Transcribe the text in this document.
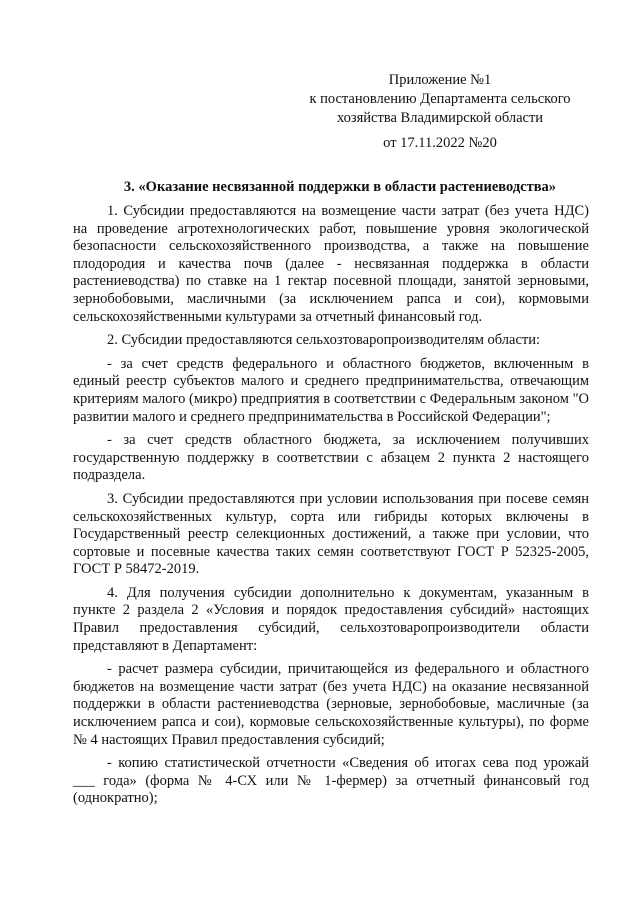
Приложение №1
к постановлению Департамента сельского
хозяйства Владимирской области
от 17.11.2022 №20
3. «Оказание несвязанной поддержки в области растениеводства»

1. Субсидии предоставляются на возмещение части затрат (без учета НДС) на проведение агротехнологических работ, повышение уровня экологической безопасности сельскохозяйственного производства, а также на повышение плодородия и качества почв (далее - несвязанная поддержка в области растениеводства) по ставке на 1 гектар посевной площади, занятой зерновыми, зернобобовыми, масличными (за исключением рапса и сои), кормовыми сельскохозяйственными культурами за отчетный финансовый год.

2. Субсидии предоставляются сельхозтоваропроизводителям области:

- за счет средств федерального и областного бюджетов, включенным в единый реестр субъектов малого и среднего предпринимательства, отвечающим критериям малого (микро) предприятия в соответствии с Федеральным законом "О развитии малого и среднего предпринимательства в Российской Федерации";

- за счет средств областного бюджета, за исключением получивших государственную поддержку в соответствии с абзацем 2 пункта 2 настоящего подраздела.

3. Субсидии предоставляются при условии использования при посеве семян сельскохозяйственных культур, сорта или гибриды которых включены в Государственный реестр селекционных достижений, а также при условии, что сортовые и посевные качества таких семян соответствуют ГОСТ Р 52325-2005, ГОСТ Р 58472-2019.

4. Для получения субсидии дополнительно к документам, указанным в пункте 2 раздела 2 «Условия и порядок предоставления субсидий» настоящих Правил предоставления субсидий, сельхозтоваропроизводители области представляют в Департамент:

- расчет размера субсидии, причитающейся из федерального и областного бюджетов на возмещение части затрат (без учета НДС) на оказание несвязанной поддержки в области растениеводства (зерновые, зернобобовые, масличные (за исключением рапса и сои), кормовые сельскохозяйственные культуры), по форме № 4 настоящих Правил предоставления субсидий;

- копию статистической отчетности «Сведения об итогах сева под урожай ___ года» (форма № 4-СХ или № 1-фермер) за отчетный финансовый год (однократно);
